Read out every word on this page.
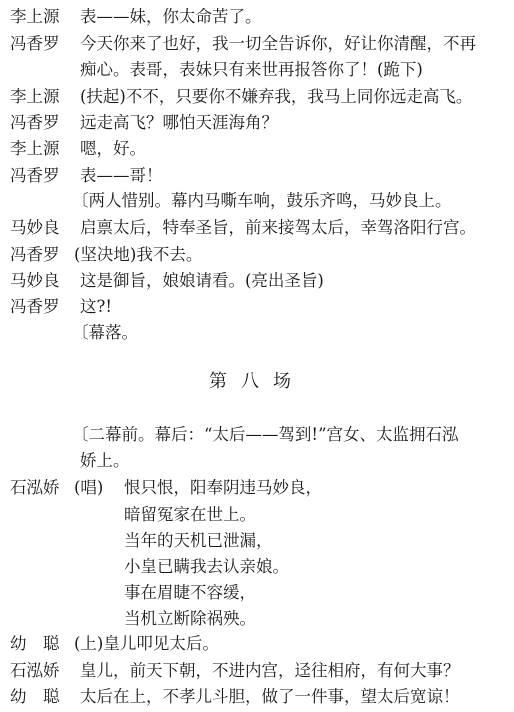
李上源 表——妹，你太命苦了。
冯香罗 今天你来了也好，我一切全告诉你，好让你清醒，不再
痴心。表哥，表妹只有来世再报答你了！(跪下)
李上源 (扶起)不不，只要你不嫌弃我，我马上同你远走高飞。
冯香罗 远走高飞？哪怕天涯海角？
李上源 嗯，好。
冯香罗 表——哥！
〔两人惜别。幕内马嘶车响，鼓乐齐鸣，马妙良上。
马妙良 启禀太后，特奉圣旨，前来接驾太后，幸驾洛阳行宫。
冯香罗 (坚决地)我不去。
马妙良 这是御旨，娘娘请看。(亮出圣旨)
冯香罗 这?!
〔幕落。
第八场
〔二幕前。幕后：“太后——驾到!”宫女、太监拥石泓
娇上。
石泓娇 (唱) 恨只恨，阳奉阴违马妙良，
暗留冤家在世上。
当年的天机已泄漏，
小皇已瞒我去认亲娘。
事在眉睫不容缓，
当机立断除祸殃。
幼　聪 (上)皇儿叩见太后。
石泓娇 皇儿，前天下朝，不进内宫，迳往相府，有何大事？
幼　聪 太后在上，不孝儿斗胆，做了一件事，望太后宽谅！
